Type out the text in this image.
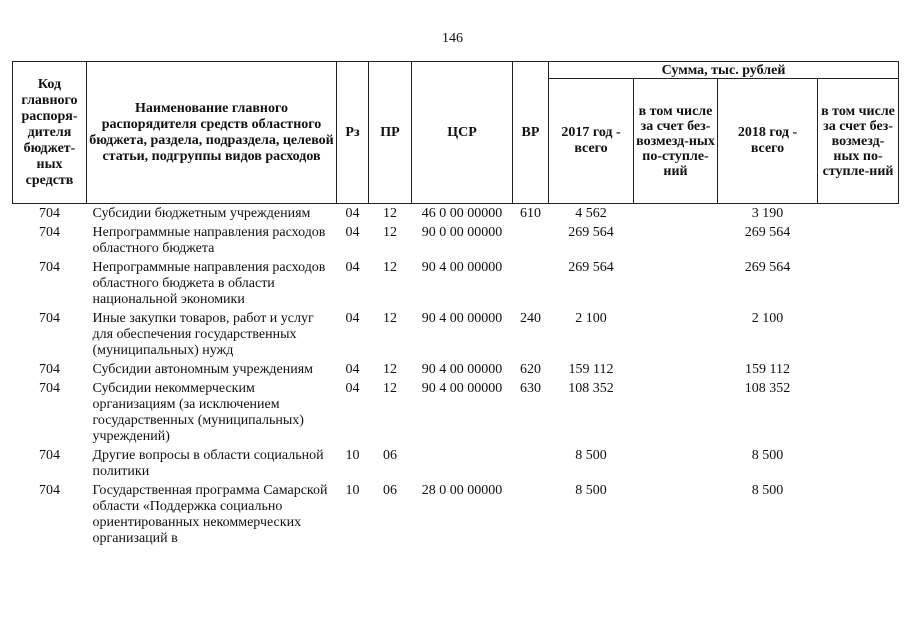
146
Код главного распоря-дителя бюджет-ных средств	Наименование главного распорядителя средств областного бюджета, раздела, подраздела, целевой статьи, подгруппы видов расходов	Рз	ПР	ЦСР	ВР	Сумма, тыс. рублей			
						2017 год - всего	в том числе за счет без-возмезд-ных по-ступле-ний	2018 год - всего	в том числе за счет без-возмезд-ных по-ступле-ний
704	Субсидии бюджетным учреждениям	04	12	46 0 00 00000	610	4 562		3 190	
704	Непрограммные направления расходов областного бюджета	04	12	90 0 00 00000		269 564		269 564	
704	Непрограммные направления расходов областного бюджета в области национальной экономики	04	12	90 4 00 00000		269 564		269 564	
704	Иные закупки товаров, работ и услуг для обеспечения государственных (муниципальных) нужд	04	12	90 4 00 00000	240	2 100		2 100	
704	Субсидии автономным учреждениям	04	12	90 4 00 00000	620	159 112		159 112	
704	Субсидии некоммерческим организациям (за исключением государственных (муниципальных) учреждений)	04	12	90 4 00 00000	630	108 352		108 352	
704	Другие вопросы в области социальной политики	10	06			8 500		8 500	
704	Государственная программа Самарской области «Поддержка социально ориентированных некоммерческих организаций в	10	06	28 0 00 00000		8 500		8 500	
